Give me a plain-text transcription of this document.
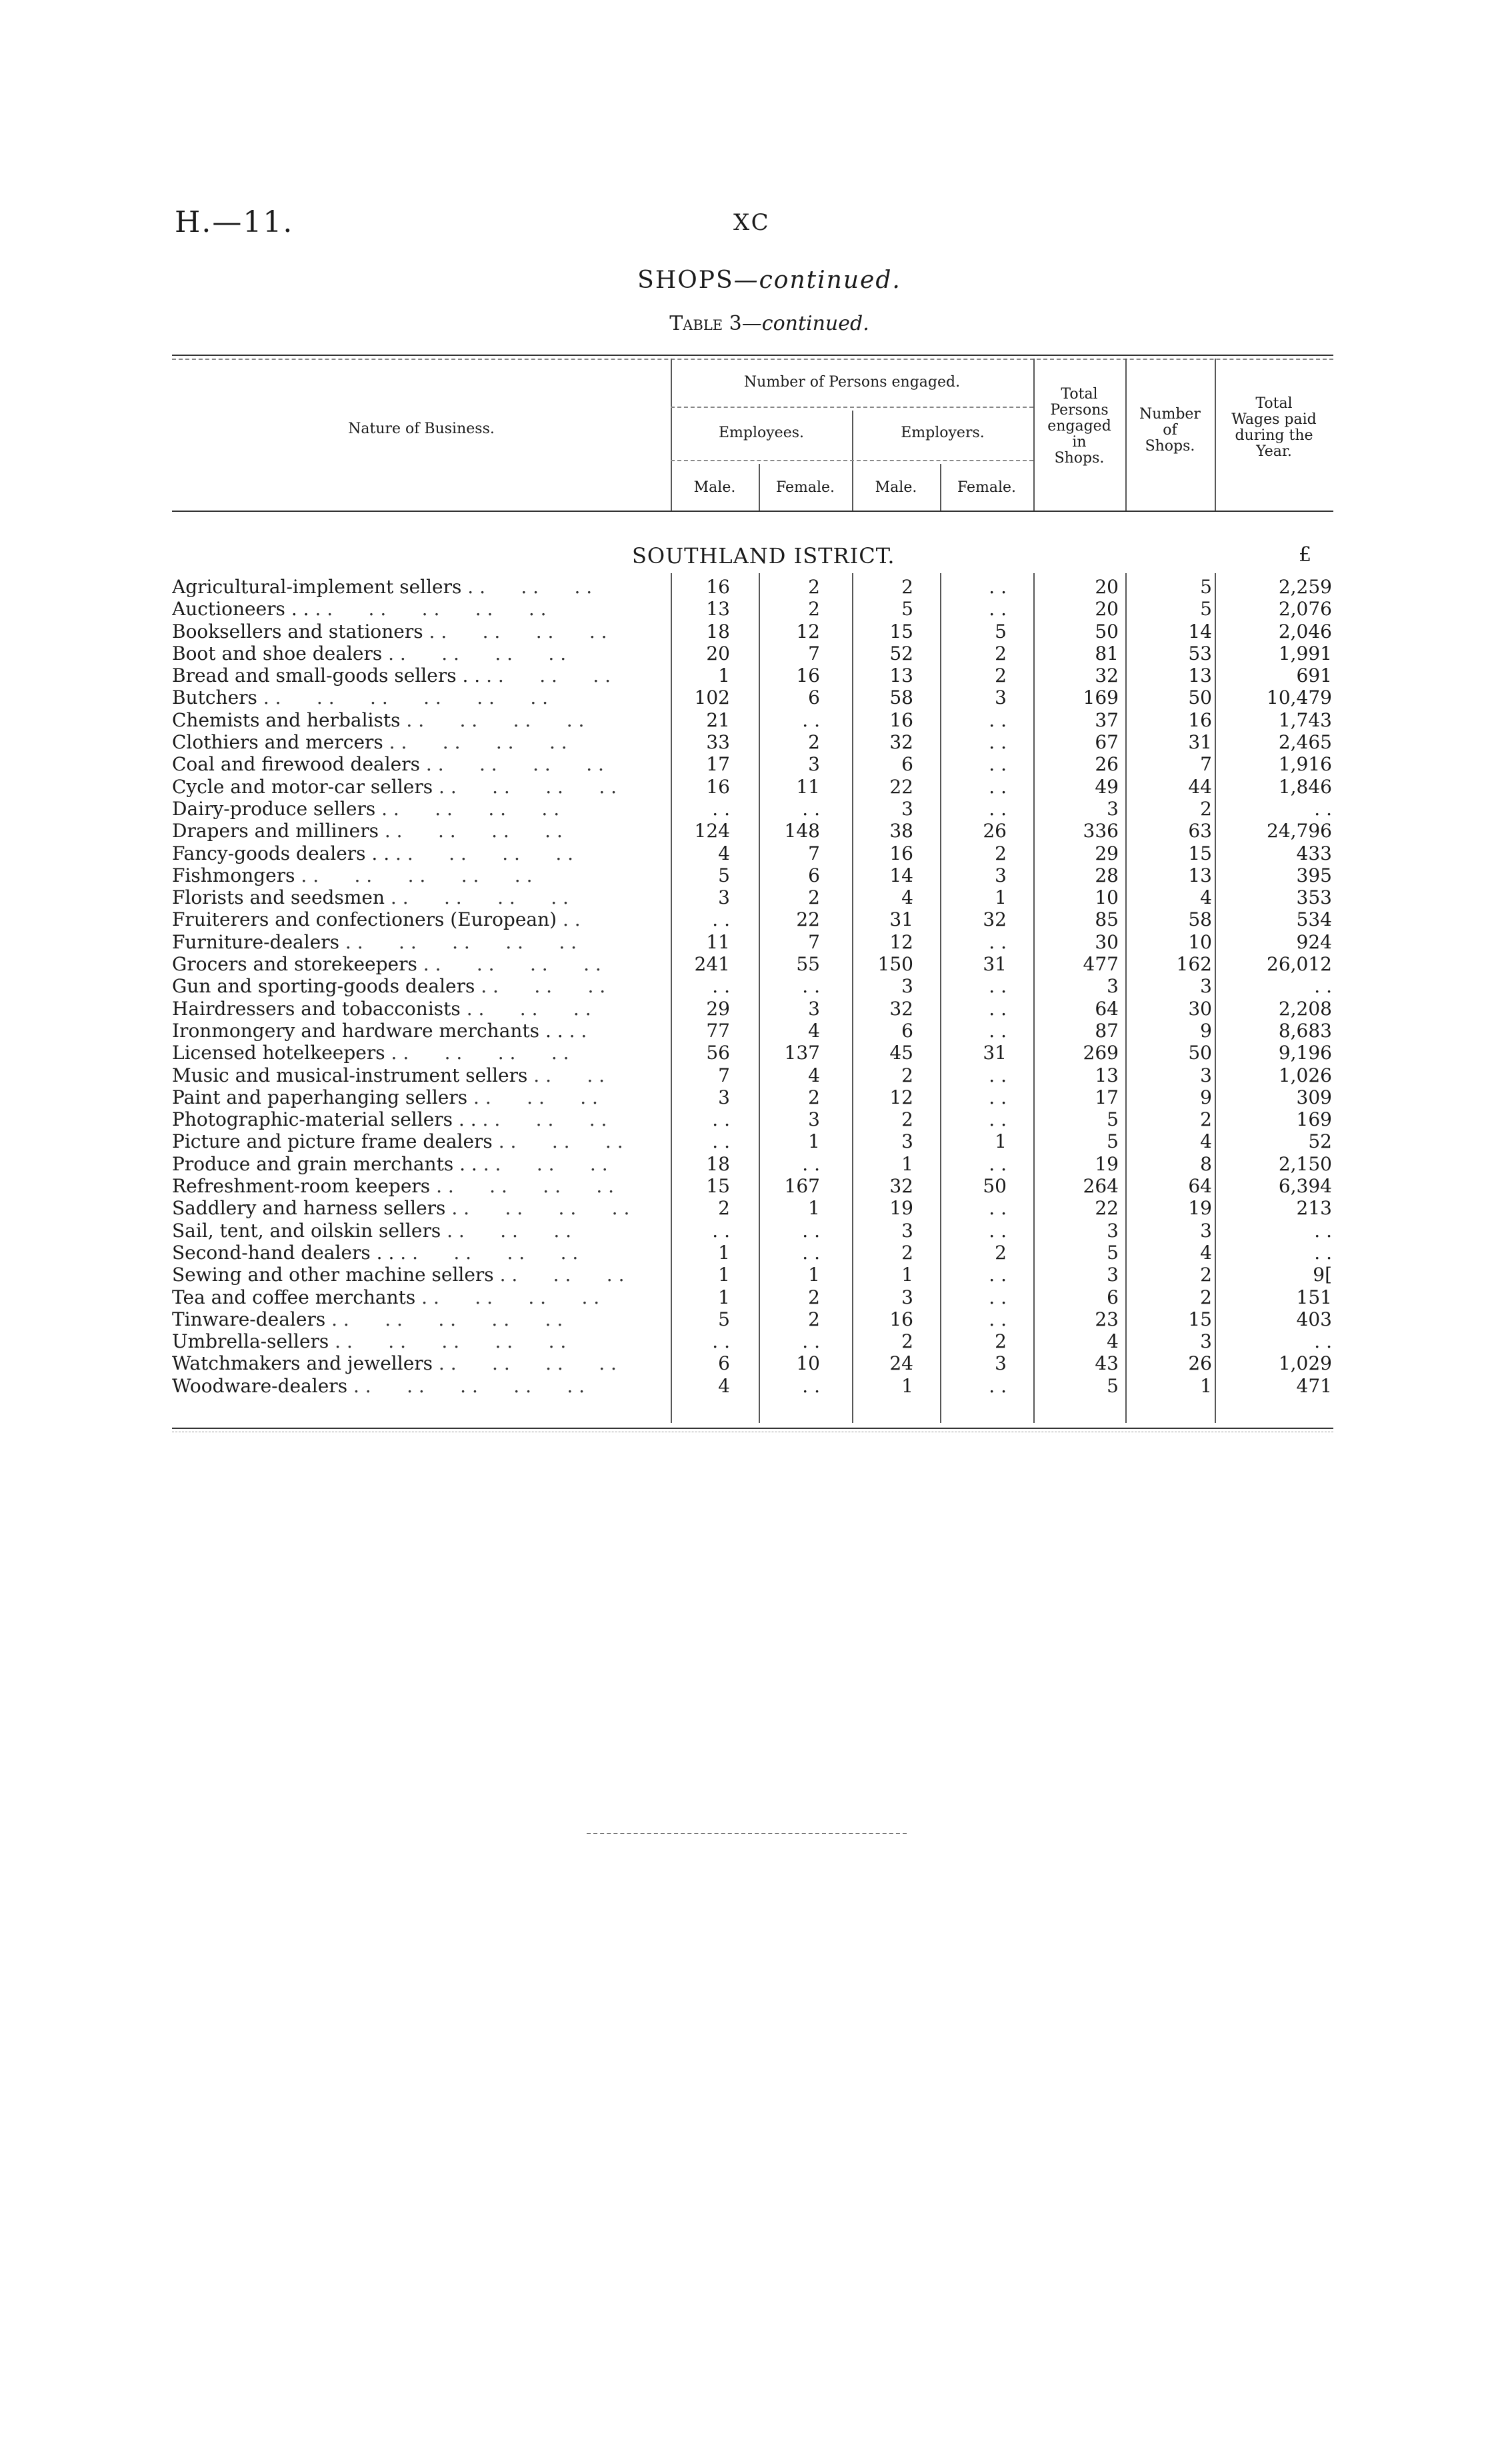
H.—11.	XC
SHOPS—continued.
Table 3—continued.
Nature of Business.
Number of Persons engaged.
Employees.	Employers.
Male.	Female.	Male.	Female.
Total
Persons
engaged
in
Shops.
Number
of
Shops.
Total
Wages paid
during the
Year.
SOUTHLAND ISTRICT.	£
Agricultural-implement sellers . .      . .      . .	16	2	2	. .	20	5	2,259
Auctioneers . . . .      . .      . .      . .      . .	13	2	5	. .	20	5	2,076
Booksellers and stationers . .      . .      . .      . .	18	12	15	5	50	14	2,046
Boot and shoe dealers . .      . .      . .      . .	20	7	52	2	81	53	1,991
Bread and small-goods sellers . . . .      . .      . .	1	16	13	2	32	13	691
Butchers . .      . .      . .      . .      . .      . .	102	6	58	3	169	50	10,479
Chemists and herbalists . .      . .      . .      . .	21	. .	16	. .	37	16	1,743
Clothiers and mercers . .      . .      . .      . .	33	2	32	. .	67	31	2,465
Coal and firewood dealers . .      . .      . .      . .	17	3	6	. .	26	7	1,916
Cycle and motor-car sellers . .      . .      . .      . .	16	11	22	. .	49	44	1,846
Dairy-produce sellers . .      . .      . .      . .	. .	. .	3	. .	3	2	. .
Drapers and milliners . .      . .      . .      . .	124	148	38	26	336	63	24,796
Fancy-goods dealers . . . .      . .      . .      . .	4	7	16	2	29	15	433
Fishmongers . .      . .      . .      . .      . .	5	6	14	3	28	13	395
Florists and seedsmen . .      . .      . .      . .	3	2	4	1	10	4	353
Fruiterers and confectioners (European) . .	. .	22	31	32	85	58	534
Furniture-dealers . .      . .      . .      . .      . .	11	7	12	. .	30	10	924
Grocers and storekeepers . .      . .      . .      . .	241	55	150	31	477	162	26,012
Gun and sporting-goods dealers . .      . .      . .	. .	. .	3	. .	3	3	. .
Hairdressers and tobacconists . .      . .      . .	29	3	32	. .	64	30	2,208
Ironmongery and hardware merchants . . . .	77	4	6	. .	87	9	8,683
Licensed hotelkeepers . .      . .      . .      . .	56	137	45	31	269	50	9,196
Music and musical-instrument sellers . .      . .	7	4	2	. .	13	3	1,026
Paint and paperhanging sellers . .      . .      . .	3	2	12	. .	17	9	309
Photographic-material sellers . . . .      . .      . .	. .	3	2	. .	5	2	169
Picture and picture frame dealers . .      . .      . .	. .	1	3	1	5	4	52
Produce and grain merchants . . . .      . .      . .	18	. .	1	. .	19	8	2,150
Refreshment-room keepers . .      . .      . .      . .	15	167	32	50	264	64	6,394
Saddlery and harness sellers . .      . .      . .      . .	2	1	19	. .	22	19	213
Sail, tent, and oilskin sellers . .      . .      . .	. .	. .	3	. .	3	3	. .
Second-hand dealers . . . .      . .      . .      . .	1	. .	2	2	5	4	. .
Sewing and other machine sellers . .      . .      . .	1	1	1	. .	3	2	9[
Tea and coffee merchants . .      . .      . .      . .	1	2	3	. .	6	2	151
Tinware-dealers . .      . .      . .      . .      . .	5	2	16	. .	23	15	403
Umbrella-sellers . .      . .      . .      . .      . .	. .	. .	2	2	4	3	. .
Watchmakers and jewellers . .      . .      . .      . .	6	10	24	3	43	26	1,029
Woodware-dealers . .      . .      . .      . .      . .	4	. .	1	. .	5	1	471
